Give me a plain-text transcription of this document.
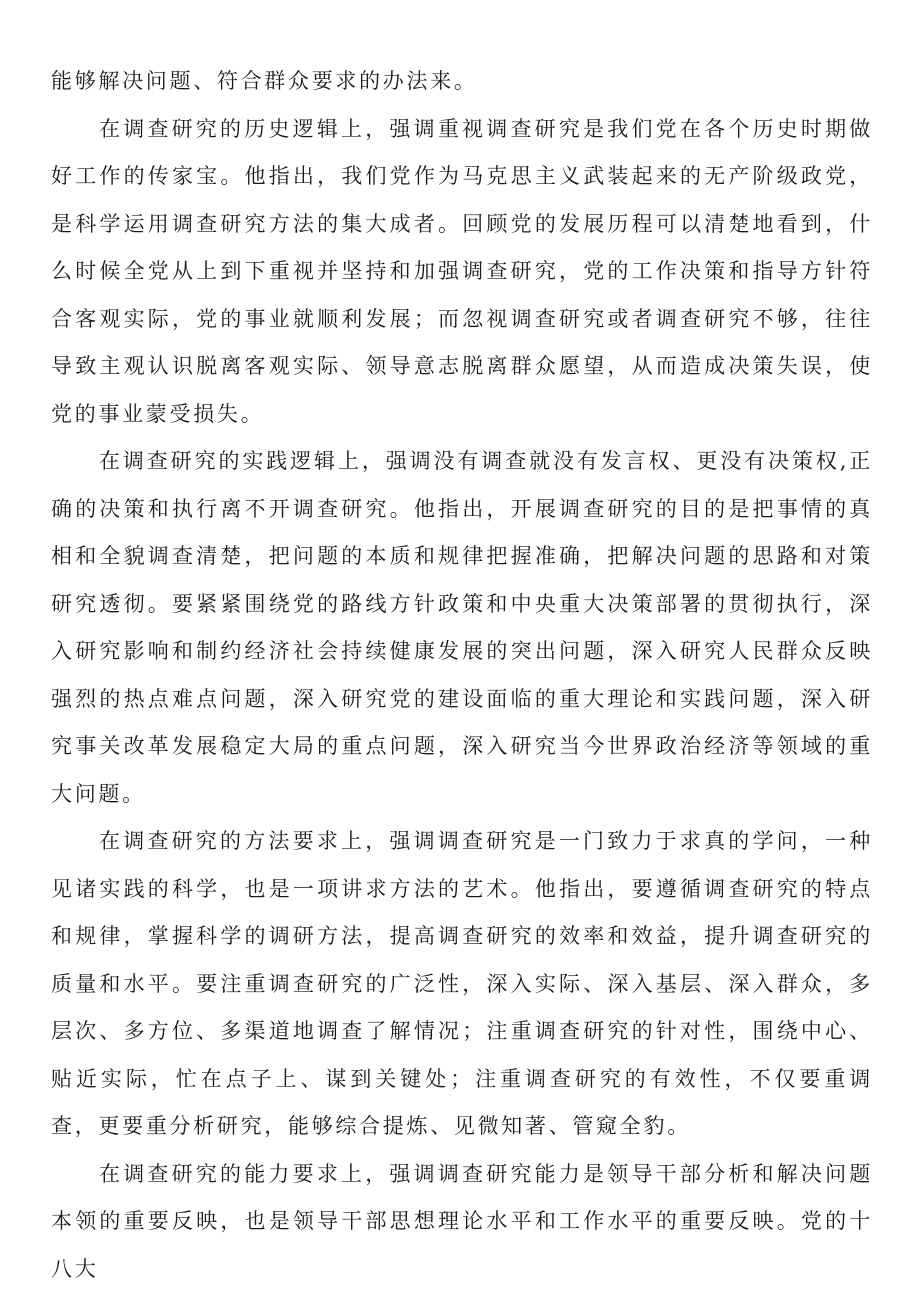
能够解决问题、符合群众要求的办法来。

在调查研究的历史逻辑上，强调重视调查研究是我们党在各个历史时期做好工作的传家宝。他指出，我们党作为马克思主义武装起来的无产阶级政党，是科学运用调查研究方法的集大成者。回顾党的发展历程可以清楚地看到，什么时候全党从上到下重视并坚持和加强调查研究，党的工作决策和指导方针符合客观实际，党的事业就顺利发展；而忽视调查研究或者调查研究不够，往往导致主观认识脱离客观实际、领导意志脱离群众愿望，从而造成决策失误，使党的事业蒙受损失。

在调查研究的实践逻辑上，强调没有调查就没有发言权、更没有决策权,正确的决策和执行离不开调查研究。他指出，开展调查研究的目的是把事情的真相和全貌调查清楚，把问题的本质和规律把握准确，把解决问题的思路和对策研究透彻。要紧紧围绕党的路线方针政策和中央重大决策部署的贯彻执行，深入研究影响和制约经济社会持续健康发展的突出问题，深入研究人民群众反映强烈的热点难点问题，深入研究党的建设面临的重大理论和实践问题，深入研究事关改革发展稳定大局的重点问题，深入研究当今世界政治经济等领域的重大问题。

在调查研究的方法要求上，强调调查研究是一门致力于求真的学问，一种见诸实践的科学，也是一项讲求方法的艺术。他指出，要遵循调查研究的特点和规律，掌握科学的调研方法，提高调查研究的效率和效益，提升调查研究的质量和水平。要注重调查研究的广泛性，深入实际、深入基层、深入群众，多层次、多方位、多渠道地调查了解情况；注重调查研究的针对性，围绕中心、贴近实际，忙在点子上、谋到关键处；注重调查研究的有效性，不仅要重调查，更要重分析研究，能够综合提炼、见微知著、管窥全豹。

在调查研究的能力要求上，强调调查研究能力是领导干部分析和解决问题本领的重要反映，也是领导干部思想理论水平和工作水平的重要反映。党的十八大
